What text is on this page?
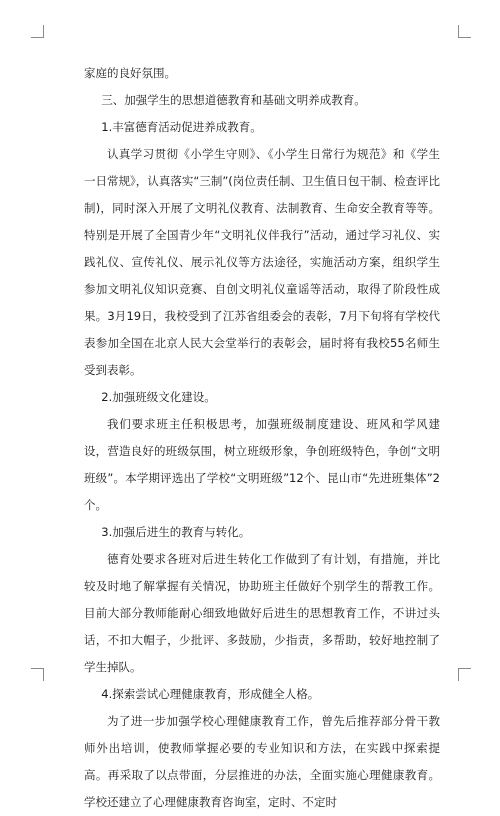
家庭的良好氛围。

三、加强学生的思想道德教育和基础文明养成教育。

1.丰富德育活动促进养成教育。

认真学习贯彻《小学生守则》、《小学生日常行为规范》和《学生一日常规》，认真落实“三制”(岗位责任制、卫生值日包干制、检查评比制)，同时深入开展了文明礼仪教育、法制教育、生命安全教育等等。特别是开展了全国青少年“文明礼仪伴我行”活动，通过学习礼仪、实践礼仪、宣传礼仪、展示礼仪等方法途径，实施活动方案，组织学生参加文明礼仪知识竞赛、自创文明礼仪童谣等活动，取得了阶段性成果。3月19日，我校受到了江苏省组委会的表彰，7月下旬将有学校代表参加全国在北京人民大会堂举行的表彰会，届时将有我校55名师生受到表彰。

2.加强班级文化建设。

我们要求班主任积极思考，加强班级制度建设、班风和学风建设，营造良好的班级氛围，树立班级形象，争创班级特色，争创“文明班级”。本学期评选出了学校“文明班级”12个、昆山市“先进班集体”2个。

3.加强后进生的教育与转化。

德育处要求各班对后进生转化工作做到了有计划，有措施，并比较及时地了解掌握有关情况，协助班主任做好个别学生的帮教工作。目前大部分教师能耐心细致地做好后进生的思想教育工作，不讲过头话，不扣大帽子，少批评、多鼓励，少指责，多帮助，较好地控制了学生掉队。

4.探索尝试心理健康教育，形成健全人格。

为了进一步加强学校心理健康教育工作，曾先后推荐部分骨干教师外出培训，使教师掌握必要的专业知识和方法，在实践中探索提高。再采取了以点带面，分层推进的办法，全面实施心理健康教育。学校还建立了心理健康教育咨询室，定时、不定时
